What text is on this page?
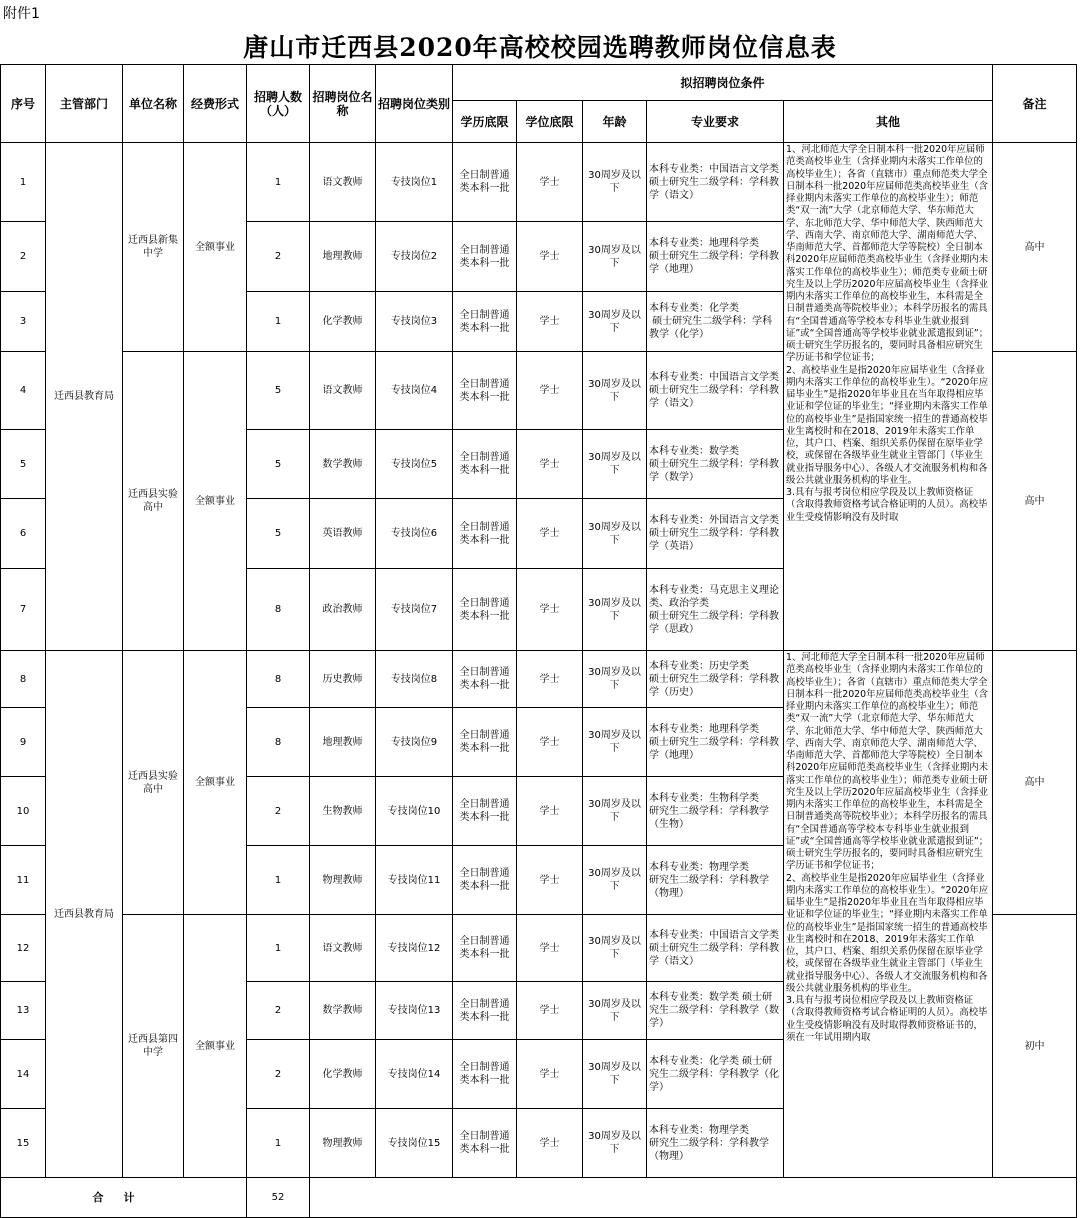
附件1
唐山市迁西县2020年高校校园选聘教师岗位信息表
序号	主管部门	单位名称	经费形式	招聘人数（人）	招聘岗位名称	招聘岗位类别	拟招聘岗位条件					备注
							学历底限	学位底限	年龄	专业要求	其他	
1	迁西县教育局	迁西县新集中学	全额事业	1	语文教师	专技岗位1	全日制普通类本科一批	学士	30周岁及以下	本科专业类：中国语言文学类
硕士研究生二级学科：学科教学（语文）	1、河北师范大学全日制本科一批2020年应届师范类高校毕业生（含择业期内未落实工作单位的高校毕业生）；各省（直辖市）重点师范类大学全日制本科一批2020年应届师范类高校毕业生（含择业期内未落实工作单位的高校毕业生）；师范类“双一流”大学（北京师范大学、华东师范大学、东北师范大学、华中师范大学、陕西师范大学、西南大学、南京师范大学、湖南师范大学、华南师范大学、首都师范大学等院校）全日制本科2020年应届师范类高校毕业生（含择业期内未落实工作单位的高校毕业生）；师范类专业硕士研究生及以上学历2020年应届高校毕业生（含择业期内未落实工作单位的高校毕业生，本科需是全日制普通类高等院校毕业）；本科学历报名的需具有“全国普通高等学校本专科毕业生就业报到证”或“全国普通高等学校毕业就业派遣报到证”；硕士研究生学历报名的，要同时具备相应研究生学历证书和学位证书；
2、高校毕业生是指2020年应届毕业生（含择业期内未落实工作单位的高校毕业生）。“2020年应届毕业生”是指2020年毕业且在当年取得相应毕业证和学位证的毕业生；“择业期内未落实工作单位的高校毕业生”是指国家统一招生的普通高校毕业生离校时和在2018、2019年未落实工作单位，其户口、档案、组织关系仍保留在原毕业学校，或保留在各级毕业生就业主管部门（毕业生就业指导服务中心）、各级人才交流服务机构和各级公共就业服务机构的毕业生。
3.具有与报考岗位相应学段及以上教师资格证（含取得教师资格考试合格证明的人员）。高校毕业生受疫情影响没有及时取	高中
2				2	地理教师	专技岗位2	全日制普通类本科一批	学士	30周岁及以下	本科专业类：地理科学类
硕士研究生二级学科：学科教学（地理）		
3				1	化学教师	专技岗位3	全日制普通类本科一批	学士	30周岁及以下	本科专业类：化学类
硕士研究生二级学科：学科教学（化学）		
4		迁西县实验高中	全额事业	5	语文教师	专技岗位4	全日制普通类本科一批	学士	30周岁及以下	本科专业类：中国语言文学类
硕士研究生二级学科：学科教学（语文）		高中
5				5	数学教师	专技岗位5	全日制普通类本科一批	学士	30周岁及以下	本科专业类：数学类
硕士研究生二级学科：学科教学（数学）		
6				5	英语教师	专技岗位6	全日制普通类本科一批	学士	30周岁及以下	本科专业类：外国语言文学类
硕士研究生二级学科：学科教学（英语）		
7				8	政治教师	专技岗位7	全日制普通类本科一批	学士	30周岁及以下	本科专业类：马克思主义理论类、政治学类
硕士研究生二级学科：学科教学（思政）		
8	迁西县教育局	迁西县实验高中	全额事业	8	历史教师	专技岗位8	全日制普通类本科一批	学士	30周岁及以下	本科专业类：历史学类
硕士研究生二级学科：学科教学（历史）	1、河北师范大学全日制本科一批2020年应届师范类高校毕业生（含择业期内未落实工作单位的高校毕业生）；各省（直辖市）重点师范类大学全日制本科一批2020年应届师范类高校毕业生（含择业期内未落实工作单位的高校毕业生）；师范类“双一流”大学（北京师范大学、华东师范大学、东北师范大学、华中师范大学、陕西师范大学、西南大学、南京师范大学、湖南师范大学、华南师范大学、首都师范大学等院校）全日制本科2020年应届师范类高校毕业生（含择业期内未落实工作单位的高校毕业生）；师范类专业硕士研究生及以上学历2020年应届高校毕业生（含择业期内未落实工作单位的高校毕业生，本科需是全日制普通类高等院校毕业）；本科学历报名的需具有“全国普通高等学校本专科毕业生就业报到证”或“全国普通高等学校毕业就业派遣报到证”；硕士研究生学历报名的，要同时具备相应研究生学历证书和学位证书；
2、高校毕业生是指2020年应届毕业生（含择业期内未落实工作单位的高校毕业生）。“2020年应届毕业生”是指2020年毕业且在当年取得相应毕业证和学位证的毕业生；“择业期内未落实工作单位的高校毕业生”是指国家统一招生的普通高校毕业生离校时和在2018、2019年未落实工作单位，其户口、档案、组织关系仍保留在原毕业学校，或保留在各级毕业生就业主管部门（毕业生就业指导服务中心）、各级人才交流服务机构和各级公共就业服务机构的毕业生。
3.具有与报考岗位相应学段及以上教师资格证（含取得教师资格考试合格证明的人员）。高校毕业生受疫情影响没有及时取得教师资格证书的，须在一年试用期内取	高中
9				8	地理教师	专技岗位9	全日制普通类本科一批	学士	30周岁及以下	本科专业类：地理科学类
硕士研究生二级学科：学科教学（地理）		
10				2	生物教师	专技岗位10	全日制普通类本科一批	学士	30周岁及以下	本科专业类：生物科学类
研究生二级学科：学科教学（生物）		
11				1	物理教师	专技岗位11	全日制普通类本科一批	学士	30周岁及以下	本科专业类：物理学类
研究生二级学科：学科教学（物理）		
12		迁西县第四中学	全额事业	1	语文教师	专技岗位12	全日制普通类本科一批	学士	30周岁及以下	本科专业类：中国语言文学类
硕士研究生二级学科：学科教学（语文）		初中
13				2	数学教师	专技岗位13	全日制普通类本科一批	学士	30周岁及以下	本科专业类：数学类 硕士研究生二级学科：学科教学（数学）		
14				2	化学教师	专技岗位14	全日制普通类本科一批	学士	30周岁及以下	本科专业类：化学类 硕士研究生二级学科：学科教学（化学）		
15				1	物理教师	专技岗位15	全日制普通类本科一批	学士	30周岁及以下	本科专业类：物理学类
研究生二级学科：学科教学（物理）		
合计				52								
